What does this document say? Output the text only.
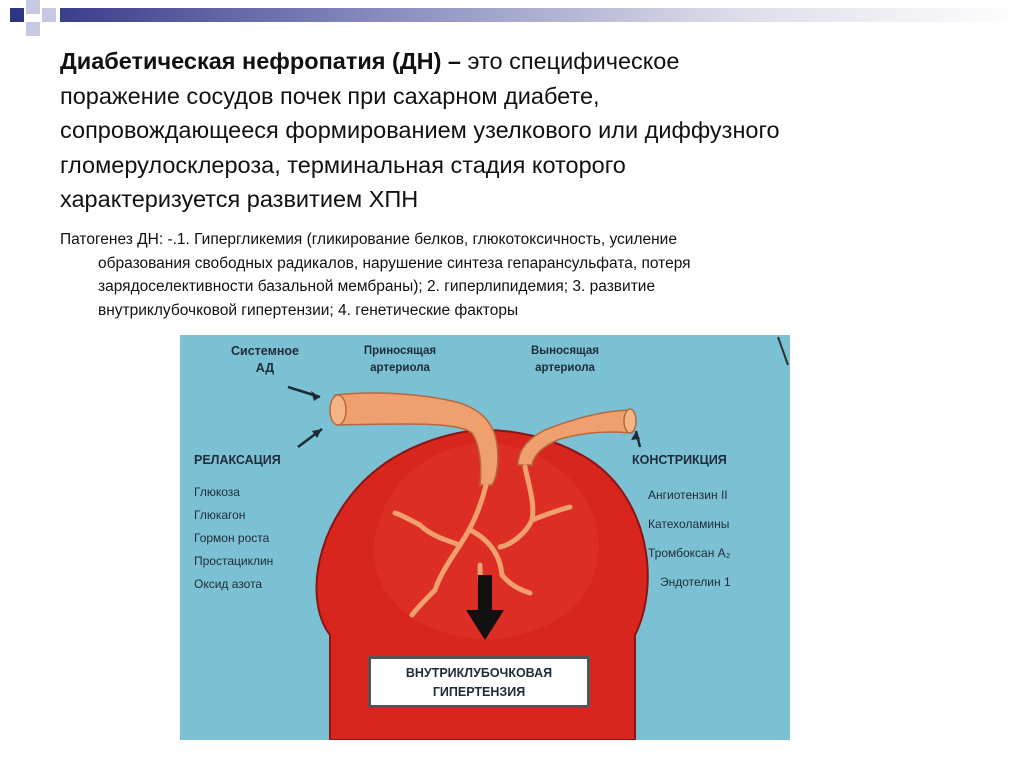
Диабетическая нефропатия (ДН) – это специфическое
поражение сосудов почек при сахарном диабете,
сопровождающееся формированием узелкового или диффузного
гломерулосклероза, терминальная стадия которого
характеризуется развитием ХПН
Патогенез ДН: -.1. Гипергликемия (гликирование белков, глюкотоксичность, усиление
образования свободных радикалов, нарушение синтеза гепарансульфата, потеря
зарядоселективности базальной мембраны); 2. гиперлипидемия; 3. развитие
внутриклубочковой гипертензии; 4. генетические факторы
Системное
АД
Приносящая
артериола
Выносящая
артериола
РЕЛАКСАЦИЯ
Глюкоза
Глюкагон
Гормон роста
Простациклин
Оксид азота
КОНСТРИКЦИЯ
Ангиотензин II
Катехоламины
Тромбоксан A₂
Эндотелин 1
ВНУТРИКЛУБОЧКОВАЯ
ГИПЕРТЕНЗИЯ
